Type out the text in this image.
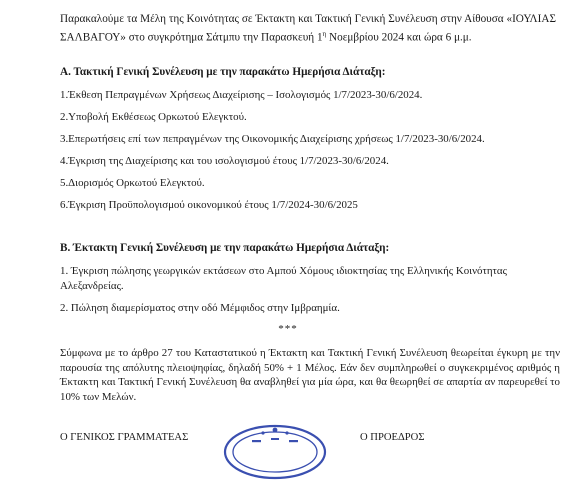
Παρακαλούμε τα Μέλη της Κοινότητας σε Έκτακτη και Τακτική Γενική Συνέλευση στην Αίθουσα «ΙΟΥΛΙΑΣ ΣΑΛΒΑΓΟΥ» στο συγκρότημα Σάτμπυ την Παρασκευή $1^\eta$ Νοεμβρίου 2024 και ώρα 6 μ.μ.
Α. Τακτική Γενική Συνέλευση με την παρακάτω Ημερήσια Διάταξη:
1.Έκθεση Πεπραγμένων Χρήσεως Διαχείρισης – Ισολογισμός 1/7/2023-30/6/2024.
2.Υποβολή Εκθέσεως Ορκωτού Ελεγκτού.
3.Επερωτήσεις επί των πεπραγμένων της Οικονομικής Διαχείρισης χρήσεως 1/7/2023-30/6/2024.
4.Έγκριση της Διαχείρισης και του ισολογισμού έτους 1/7/2023-30/6/2024.
5.Διορισμός Ορκωτού Ελεγκτού.
6.Έγκριση Προϋπολογισμού οικονομικού έτους 1/7/2024-30/6/2025
Β. Έκτακτη Γενική Συνέλευση με την παρακάτω Ημερήσια Διάταξη:
1. Έγκριση πώλησης γεωργικών εκτάσεων στο Αμπού Χόμους ιδιοκτησίας της Ελληνικής Κοινότητας Αλεξανδρείας.
2. Πώληση διαμερίσματος στην οδό Μέμφιδος στην Ιμβραημία.
***
Σύμφωνα με το άρθρο 27 του Καταστατικού η Έκτακτη και Τακτική Γενική Συνέλευση θεωρείται έγκυρη με την παρουσία της απόλυτης πλειοψηφίας, δηλαδή 50% + 1 Μέλος. Εάν δεν συμπληρωθεί ο συγκεκριμένος αριθμός η Έκτακτη και Τακτική Γενική Συνέλευση θα αναβληθεί για μία ώρα, και θα θεωρηθεί σε απαρτία αν παρευρεθεί το 10% των Μελών.
Ο ΓΕΝΙΚΟΣ ΓΡΑΜΜΑΤΕΑΣ	Ο ΠΡΟΕΔΡΟΣ
